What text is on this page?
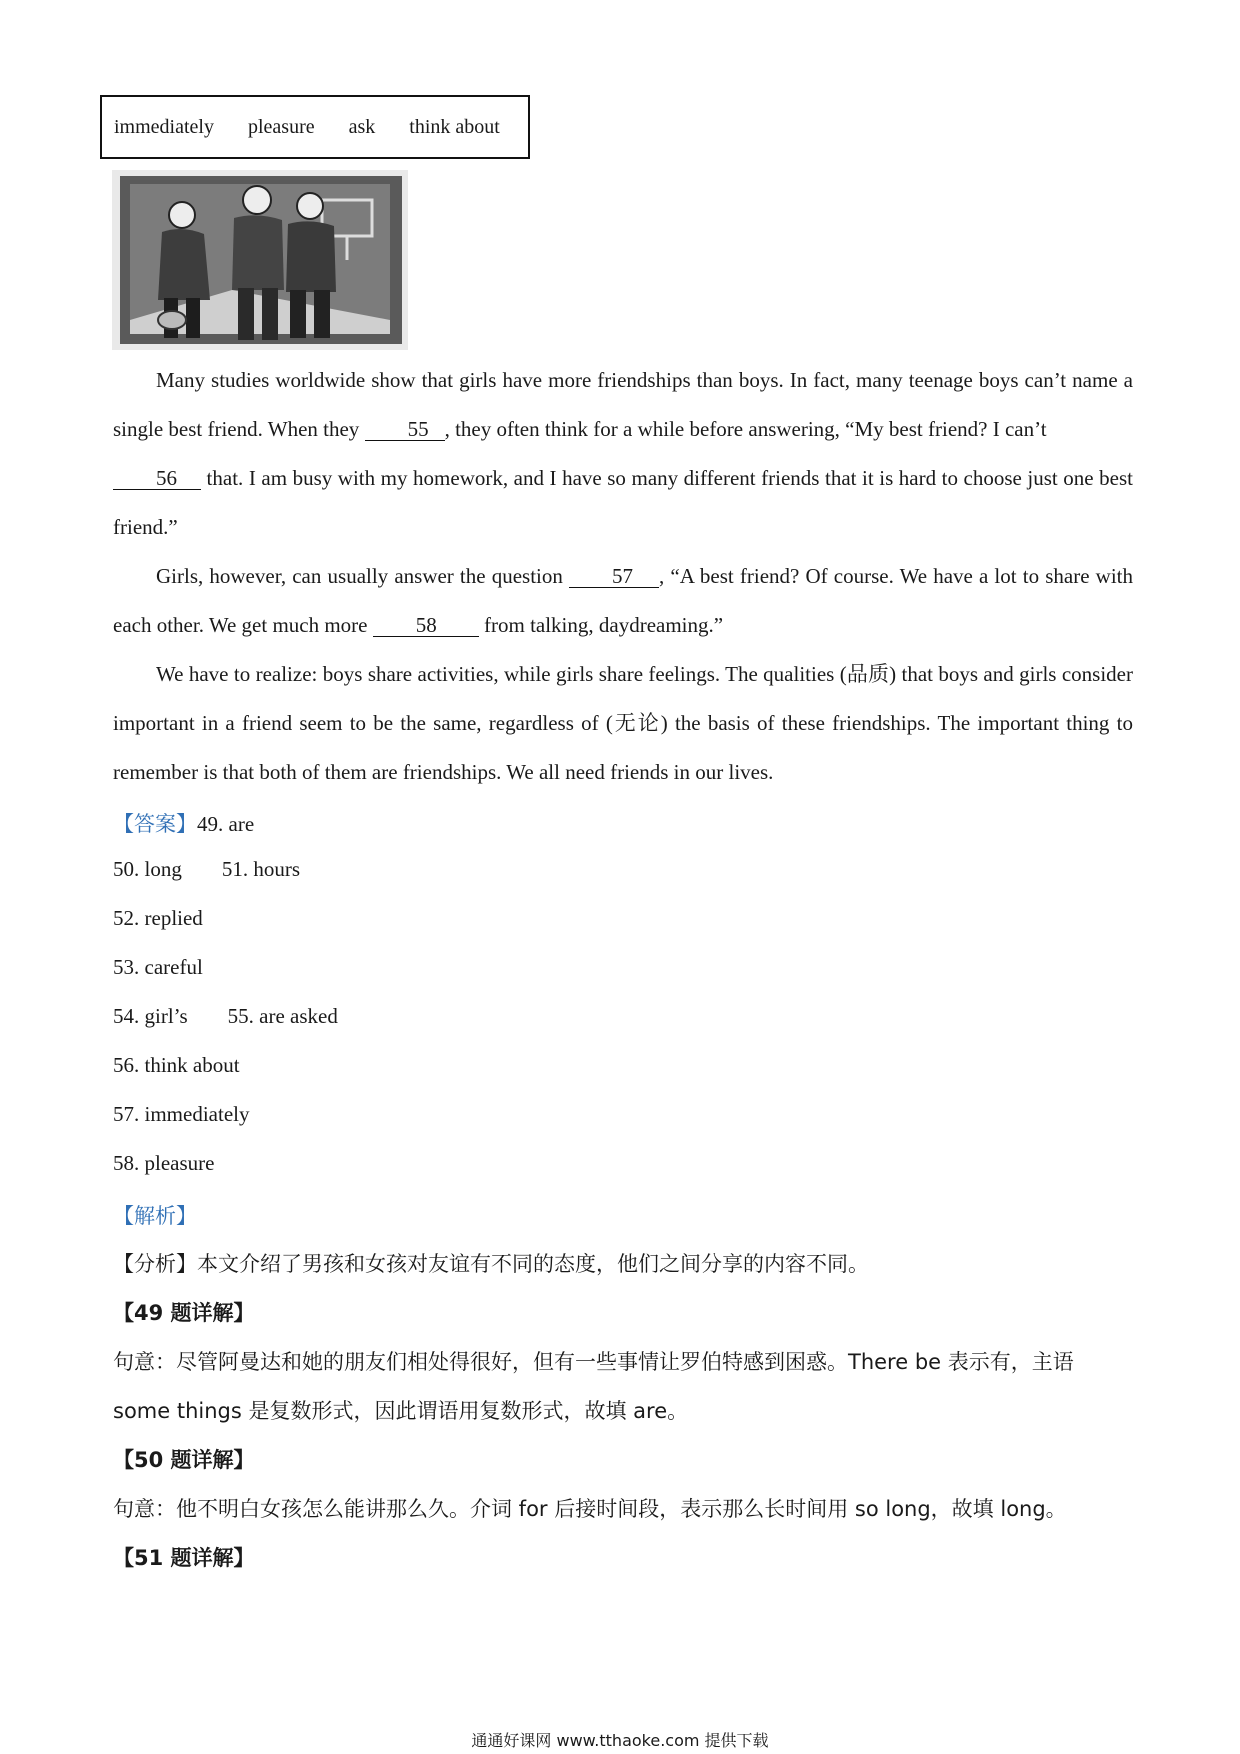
immediately pleasure ask think about

Many studies worldwide show that girls have more friendships than boys. In fact, many teenage boys can’t name a single best friend. When they 55 , they often think for a while before answering, “My best friend? I can’t
56 that. I am busy with my homework, and I have so many different friends that it is hard to choose just one best friend.”

Girls, however, can usually answer the question 57 , “A best friend? Of course. We have a lot to share with each other. We get much more 58 from talking, daydreaming.”

We have to realize: boys share activities, while girls share feelings. The qualities (品质) that boys and girls consider important in a friend seem to be the same, regardless of (无论) the basis of these friendships. The important thing to remember is that both of them are friendships. We all need friends in our lives.

【答案】49. are

50. long 51. hours

52. replied

53. careful

54. girl’s 55. are asked

56. think about

57. immediately

58. pleasure

【解析】

【分析】本文介绍了男孩和女孩对友谊有不同的态度，他们之间分享的内容不同。

【49 题详解】

句意：尽管阿曼达和她的朋友们相处得很好，但有一些事情让罗伯特感到困惑。There be 表示有，主语 some things 是复数形式，因此谓语用复数形式，故填 are。

【50 题详解】

句意：他不明白女孩怎么能讲那么久。介词 for 后接时间段，表示那么长时间用 so long，故填 long。

【51 题详解】

通通好课网 www.tthaoke.com 提供下载
